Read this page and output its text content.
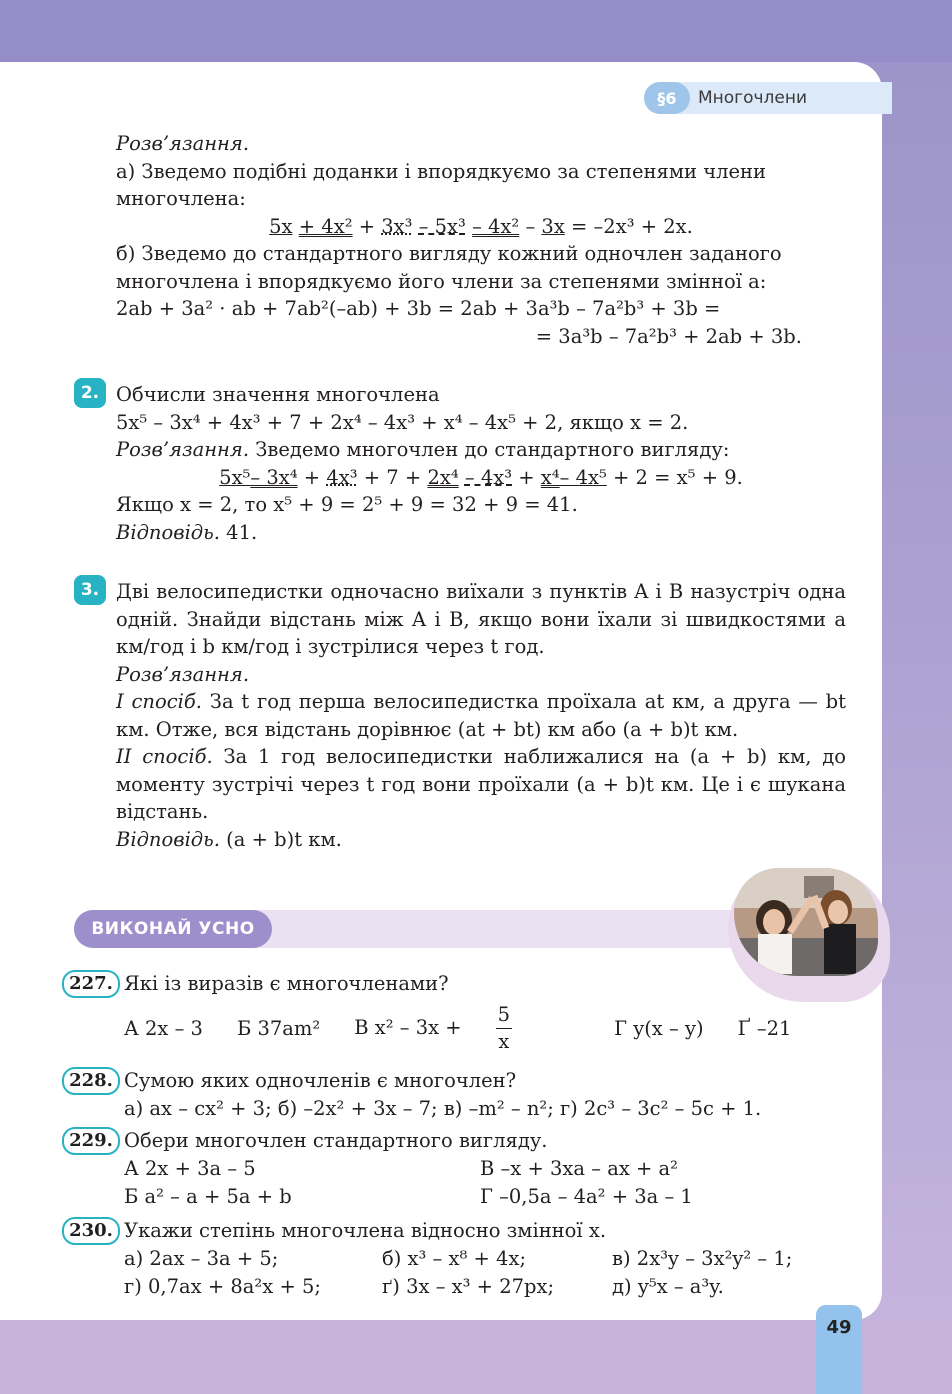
§6	Многочлени

Розв’язання.

а) Зведемо подібні доданки і впорядкуємо за степенями члени многочлена:

5x + 4x² + 3x³ – 5x³ – 4x² – 3x = –2x³ + 2x.

б) Зведемо до стандартного вигляду кожний одночлен заданого многочлена і впорядкуємо його члени за степенями змінної a:

2ab + 3a² · ab + 7ab²(–ab) + 3b = 2ab + 3a³b – 7a²b³ + 3b =

= 3a³b – 7a²b³ + 2ab + 3b.

2. Обчисли значення многочлена

5x⁵ – 3x⁴ + 4x³ + 7 + 2x⁴ – 4x³ + x⁴ – 4x⁵ + 2, якщо x = 2.

Розв’язання. Зведемо многочлен до стандартного вигляду:

5x⁵– 3x⁴ + 4x³ + 7 + 2x⁴ – 4x³ + x⁴– 4x⁵ + 2 = x⁵ + 9.

Якщо x = 2, то x⁵ + 9 = 2⁵ + 9 = 32 + 9 = 41.

Відповідь. 41.

3. Дві велосипедистки одночасно виїхали з пунктів A і B назустріч одна одній. Знайди відстань між A і B, якщо вони їхали зі швидкостями a км/год і b км/год і зустрілися через t год.

Розв’язання.

І спосіб. За t год перша велосипедистка проїхала at км, а друга — bt км. Отже, вся відстань дорівнює (at + bt) км або (a + b)t км.

ІІ спосіб. За 1 год велосипедистки наближалися на (a + b) км, до моменту зустрічі через t год вони проїхали (a + b)t км. Це і є шукана відстань.

Відповідь. (a + b)t км.

ВИКОНАЙ УСНО
227. Які із виразів є многочленами?
А 2x – 3 Б 37am² В $x^2 - 3x + \frac{5}{x}$	Г y(x – y) Ґ –21
228. Сумою яких одночленів є многочлен?
а) ax – cx² + 3; б) –2x² + 3x – 7; в) –m² – n²; г) 2c³ – 3c² – 5c + 1.
229. Обери многочлен стандартного вигляду.
А 2x + 3a – 5	В –x + 3xa – ax + a²
Б a² – a + 5a + b	Г –0,5a – 4a² + 3a – 1
230. Укажи степінь многочлена відносно змінної x.
а) 2ax – 3a + 5;	б) x³ – x⁸ + 4x;	в) 2x³y – 3x²y² – 1;
г) 0,7ax + 8a²x + 5;	ґ) 3x – x³ + 27px;	д) y⁵x – a³y.
49
